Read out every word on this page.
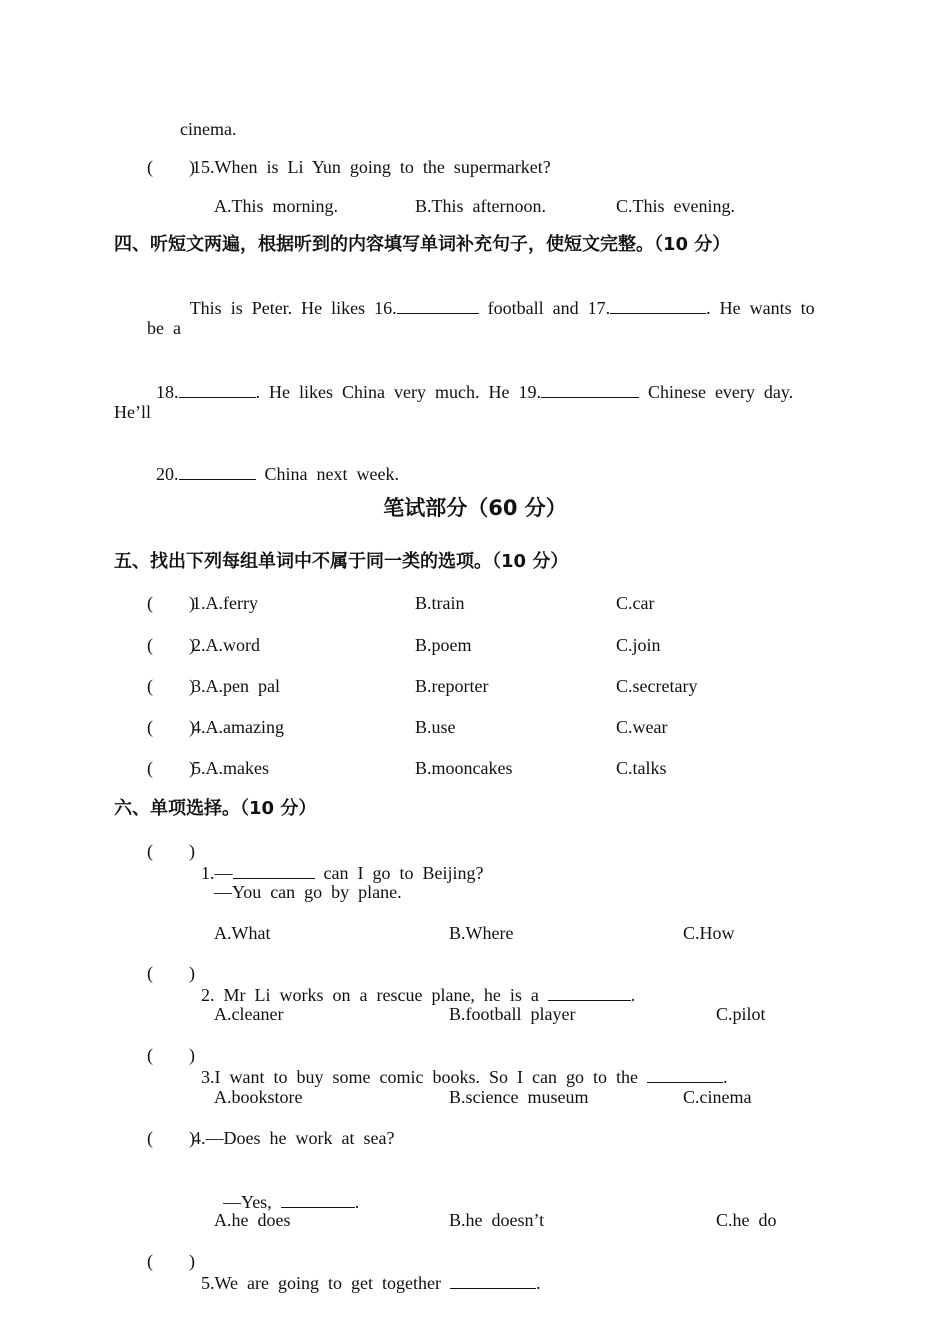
cinema.
(        )
15.When  is  Li  Yun  going  to  the  supermarket?
A.This  morning.	B.This  afternoon.	C.This  evening.
四、听短文两遍，根据听到的内容填写单词补充句子，使短文完整。（10 分）

This  is  Peter.  He  likes  16.	football  and  17.	.  He  wants  to

be  a

18.	.  He  likes  China  very  much.  He  19.	Chinese  every  day.

He’ll

20.	China  next  week.

笔试部分（60 分）
五、找出下列每组单词中不属于同一类的选项。（10 分）
(        )
1.A.ferry	B.train	C.car
(        )
2.A.word	B.poem	C.join
(        )
3.A.pen  pal	B.reporter	C.secretary
(        )
4.A.amazing	B.use	C.wear
(        )
5.A.makes	B.mooncakes	C.talks
六、单项选择。（10 分）
(        )

1.—	can  I  go  to  Beijing?

—You  can  go  by  plane.
A.What	B.Where	C.How
(        )

2.  Mr  Li  works  on  a  rescue  plane,  he  is  a	.

A.cleaner	B.football  player	C.pilot
(        )

3.I  want  to  buy  some  comic  books.  So  I  can  go  to  the	.

A.bookstore	B.science  museum	C.cinema
(        )
4.—Does  he  work  at  sea?

—Yes,	.

A.he  does	B.he  doesn’t	C.he  do
(        )

5.We  are  going  to  get  together	.
